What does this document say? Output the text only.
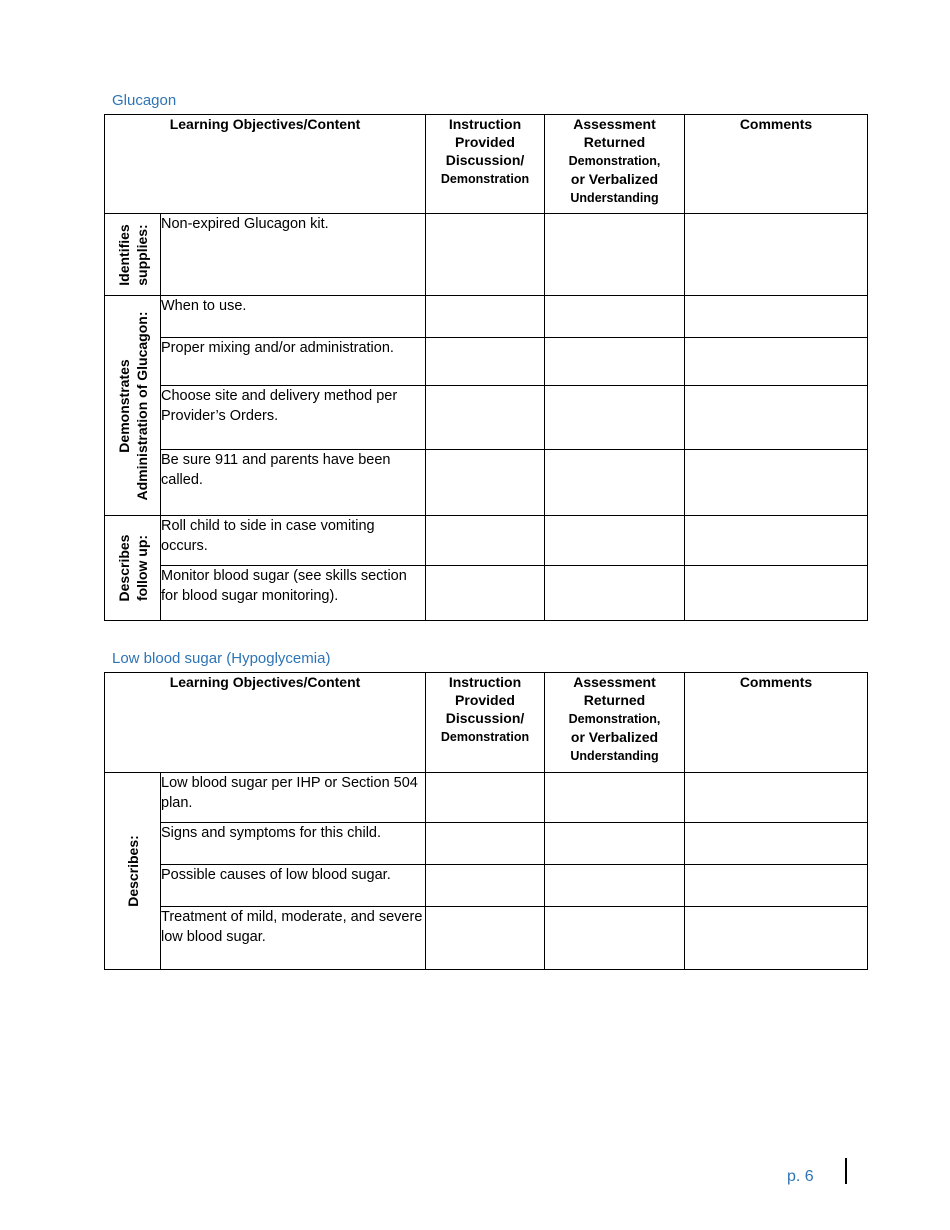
Glucagon
Learning Objectives/Content		Instruction
Provided
Discussion/
Demonstration	Assessment
Returned
Demonstration,
or Verbalized
Understanding	Comments

Identifies supplies:	Non-expired Glucagon kit.			

Demonstrates Administration of Glucagon:	When to use.			
	Proper mixing and/or administration.			
	Choose site and delivery method per Provider’s Orders.			
	Be sure 911 and parents have been called.			

Describes follow up:	Roll child to side in case vomiting occurs.			
	Monitor blood sugar (see skills section for blood sugar monitoring).			
Low blood sugar (Hypoglycemia)
Learning Objectives/Content		Instruction
Provided
Discussion/
Demonstration	Assessment
Returned
Demonstration,
or Verbalized
Understanding	Comments

Describes:	Low blood sugar per IHP or Section 504 plan.			
	Signs and symptoms for this child.			
	Possible causes of low blood sugar.			
	Treatment of mild, moderate, and severe low blood sugar.			
p. 6
